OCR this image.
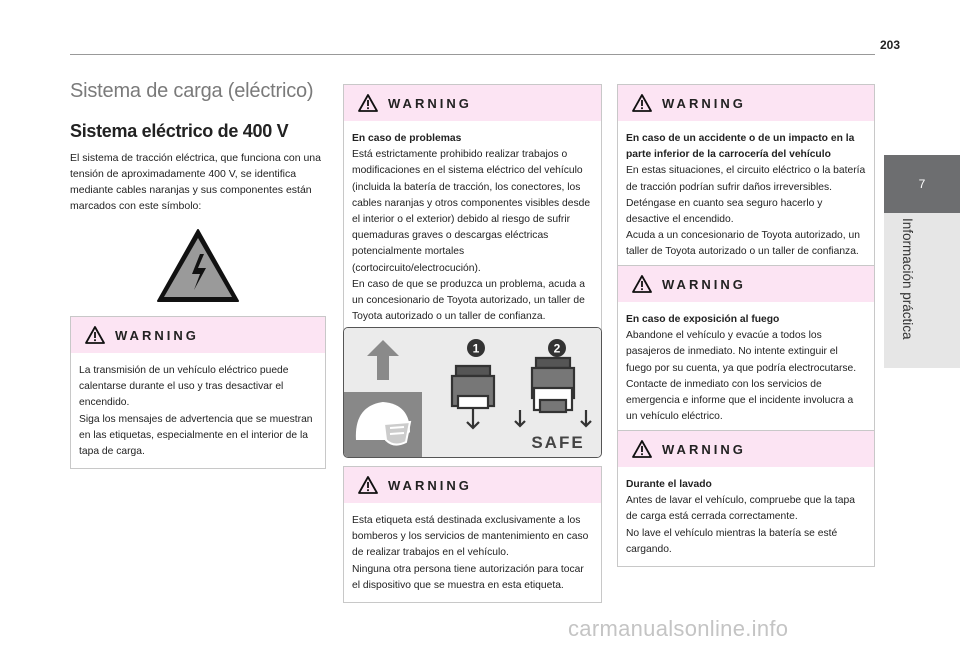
203
7
Información práctica
Sistema de carga (eléctrico)
Sistema eléctrico de 400 V
El sistema de tracción eléctrica, que funciona con una tensión de aproximadamente 400 V, se identifica mediante cables naranjas y sus componentes están marcados con este símbolo:
WARNING
La transmisión de un vehículo eléctrico puede calentarse durante el uso y tras desactivar el encendido.
Siga los mensajes de advertencia que se muestran en las etiquetas, especialmente en el interior de la tapa de carga.
WARNING
En caso de problemas
Está estrictamente prohibido realizar trabajos o modificaciones en el sistema eléctrico del vehículo (incluida la batería de tracción, los conectores, los cables naranjas y otros componentes visibles desde el interior o el exterior) debido al riesgo de sufrir quemaduras graves o descargas eléctricas potencialmente mortales (cortocircuito/electrocución).
En caso de que se produzca un problema, acuda a un concesionario de Toyota autorizado, un taller de Toyota autorizado o un taller de confianza.
1	2
SAFE
WARNING
Esta etiqueta está destinada exclusivamente a los bomberos y los servicios de mantenimiento en caso de realizar trabajos en el vehículo.
Ninguna otra persona tiene autorización para tocar el dispositivo que se muestra en esta etiqueta.
WARNING
En caso de un accidente o de un impacto en la parte inferior de la carrocería del vehículo
En estas situaciones, el circuito eléctrico o la batería de tracción podrían sufrir daños irreversibles.
Deténgase en cuanto sea seguro hacerlo y desactive el encendido.
Acuda a un concesionario de Toyota autorizado, un taller de Toyota autorizado o un taller de confianza.
WARNING
En caso de exposición al fuego
Abandone el vehículo y evacúe a todos los pasajeros de inmediato. No intente extinguir el fuego por su cuenta, ya que podría electrocutarse.
Contacte de inmediato con los servicios de emergencia e informe que el incidente involucra a un vehículo eléctrico.
WARNING
Durante el lavado
Antes de lavar el vehículo, compruebe que la tapa de carga está cerrada correctamente.
No lave el vehículo mientras la batería se esté cargando.
carmanualsonline.info
